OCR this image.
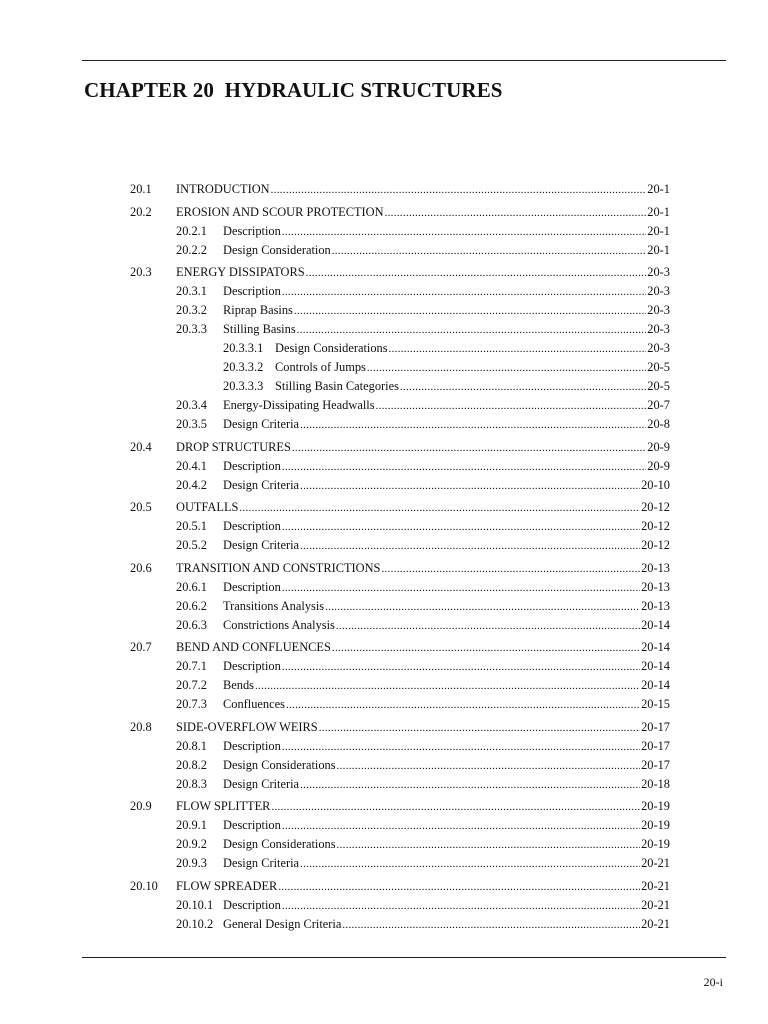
CHAPTER 20  HYDRAULIC STRUCTURES
20.1	INTRODUCTION .....	20-1
20.2	EROSION AND SCOUR PROTECTION .....	20-1
20.2.1	Description .....	20-1
20.2.2	Design Consideration .....	20-1
20.3	ENERGY DISSIPATORS .....	20-3
20.3.1	Description .....	20-3
20.3.2	Riprap Basins .....	20-3
20.3.3	Stilling Basins .....	20-3
20.3.3.1 Design Considerations .....	20-3
20.3.3.2 Controls of Jumps .....	20-5
20.3.3.3 Stilling Basin Categories .....	20-5
20.3.4	Energy-Dissipating Headwalls .....	20-7
20.3.5	Design Criteria .....	20-8
20.4	DROP STRUCTURES .....	20-9
20.4.1	Description .....	20-9
20.4.2	Design Criteria .....	20-10
20.5	OUTFALLS .....	20-12
20.5.1	Description .....	20-12
20.5.2	Design Criteria .....	20-12
20.6	TRANSITION AND CONSTRICTIONS .....	20-13
20.6.1	Description .....	20-13
20.6.2	Transitions Analysis .....	20-13
20.6.3	Constrictions Analysis .....	20-14
20.7	BEND AND CONFLUENCES .....	20-14
20.7.1	Description .....	20-14
20.7.2	Bends .....	20-14
20.7.3	Confluences .....	20-15
20.8	SIDE-OVERFLOW WEIRS .....	20-17
20.8.1	Description .....	20-17
20.8.2	Design Considerations .....	20-17
20.8.3	Design Criteria .....	20-18
20.9	FLOW SPLITTER .....	20-19
20.9.1	Description .....	20-19
20.9.2	Design Considerations .....	20-19
20.9.3	Design Criteria .....	20-21
20.10	FLOW SPREADER .....	20-21
20.10.1 Description .....	20-21
20.10.2 General Design Criteria .....	20-21
20-i
